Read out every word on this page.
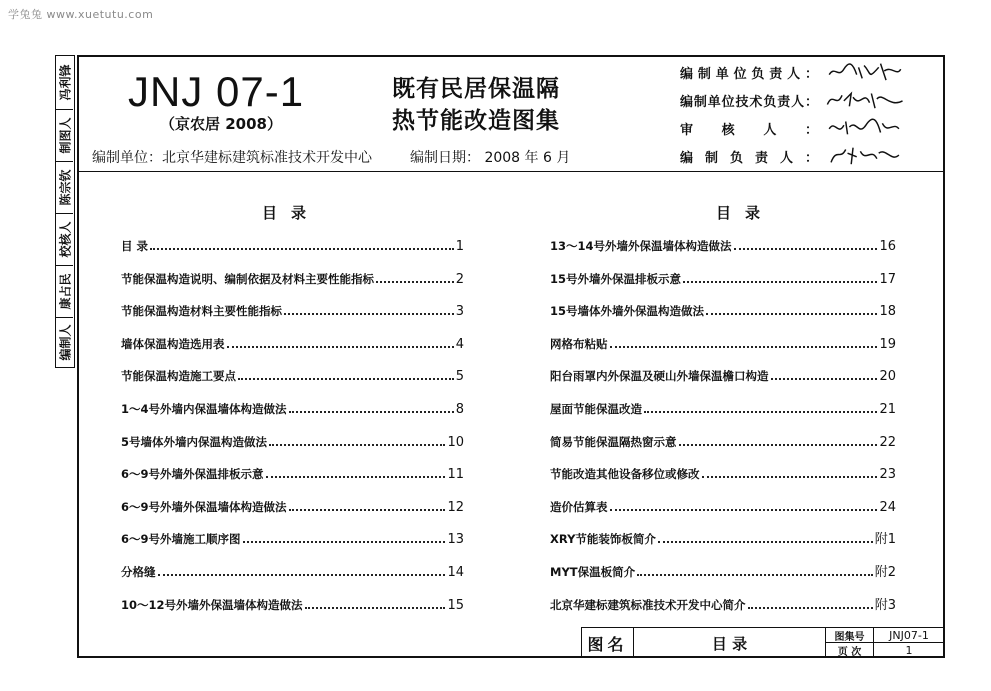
学兔兔 www.xuetutu.com
冯利锋
制图人
陈宗钦
校核人
康占民
编制人
JNJ 07-1
（京农居 2008）
既有民居保温隔
热节能改造图集
编制单位：北京华建标建筑标准技术开发中心	编制日期： 2008 年 6 月
编制单位负责人：
编制单位技术负责人：
审核人：
编制负责人：
目录	目录
目 录	1
节能保温构造说明、编制依据及材料主要性能指标	2
节能保温构造材料主要性能指标	3
墙体保温构造选用表	4
节能保温构造施工要点	5
1～4号外墙内保温墙体构造做法	8
5号墙体外墙内保温构造做法	10
6～9号外墙外保温排板示意	11
6～9号外墙外保温墙体构造做法	12
6～9号外墙施工顺序图	13
分格缝	14
10～12号外墙外保温墙体构造做法	15
13～14号外墙外保温墙体构造做法	16
15号外墙外保温排板示意	17
15号墙体外墙外保温构造做法	18
网格布粘贴	19
阳台雨罩内外保温及硬山外墙保温檐口构造	20
屋面节能保温改造	21
简易节能保温隔热窗示意	22
节能改造其他设备移位或修改	23
造价估算表	24
XRY节能装饰板简介	附1
MYT保温板简介	附2
北京华建标建筑标准技术开发中心简介	附3
图名	目 录	图集号	JNJ07-1
页 次	1
